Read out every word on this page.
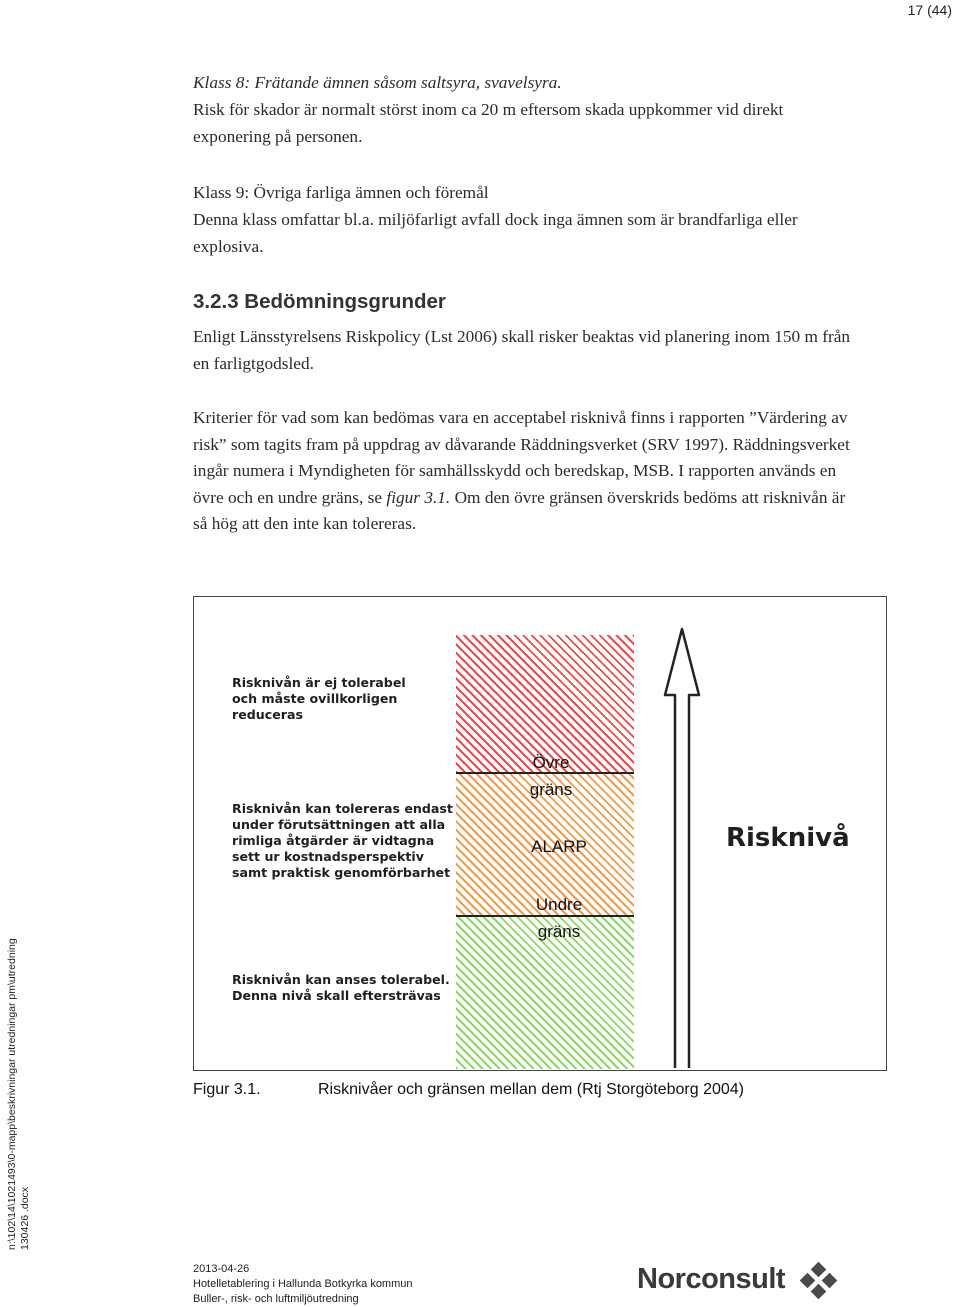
17 (44)
Klass 8: Frätande ämnen såsom saltsyra, svavelsyra.
Risk för skador är normalt störst inom ca 20 m eftersom skada uppkommer vid direkt exponering på personen.
Klass 9: Övriga farliga ämnen och föremål
Denna klass omfattar bl.a. miljöfarligt avfall dock inga ämnen som är brandfarliga eller explosiva.
3.2.3 Bedömningsgrunder
Enligt Länsstyrelsens Riskpolicy (Lst 2006) skall risker beaktas vid planering inom 150 m från en farligtgodsled.
Kriterier för vad som kan bedömas vara en acceptabel risknivå finns i rapporten ”Värdering av risk” som tagits fram på uppdrag av dåvarande Räddningsverket (SRV 1997). Räddningsverket ingår numera i Myndigheten för samhällsskydd och beredskap, MSB. I rapporten används en övre och en undre gräns, se figur 3.1. Om den övre gränsen överskrids bedöms att risknivån är så hög att den inte kan tolereras.
Risknivån är ej tolerabel
och måste ovillkorligen
reduceras
Risknivån kan tolereras endast
under förutsättningen att alla
rimliga åtgärder är vidtagna
sett ur kostnadsperspektiv
samt praktisk genomförbarhet
Risknivån kan anses tolerabel.
Denna nivå skall eftersträvas
Övre
gräns
ALARP
Undre
gräns
Risknivå
Figur 3.1.	Risknivåer och gränsen mellan dem (Rtj Storgöteborg 2004)
n:\102\14\1021493\0-mapp\beskrivningar utredningar pm\utredning 130426 .docx
2013-04-26
Hotelletablering i Hallunda Botkyrka kommun
Buller-, risk- och luftmiljöutredning
Norconsult
